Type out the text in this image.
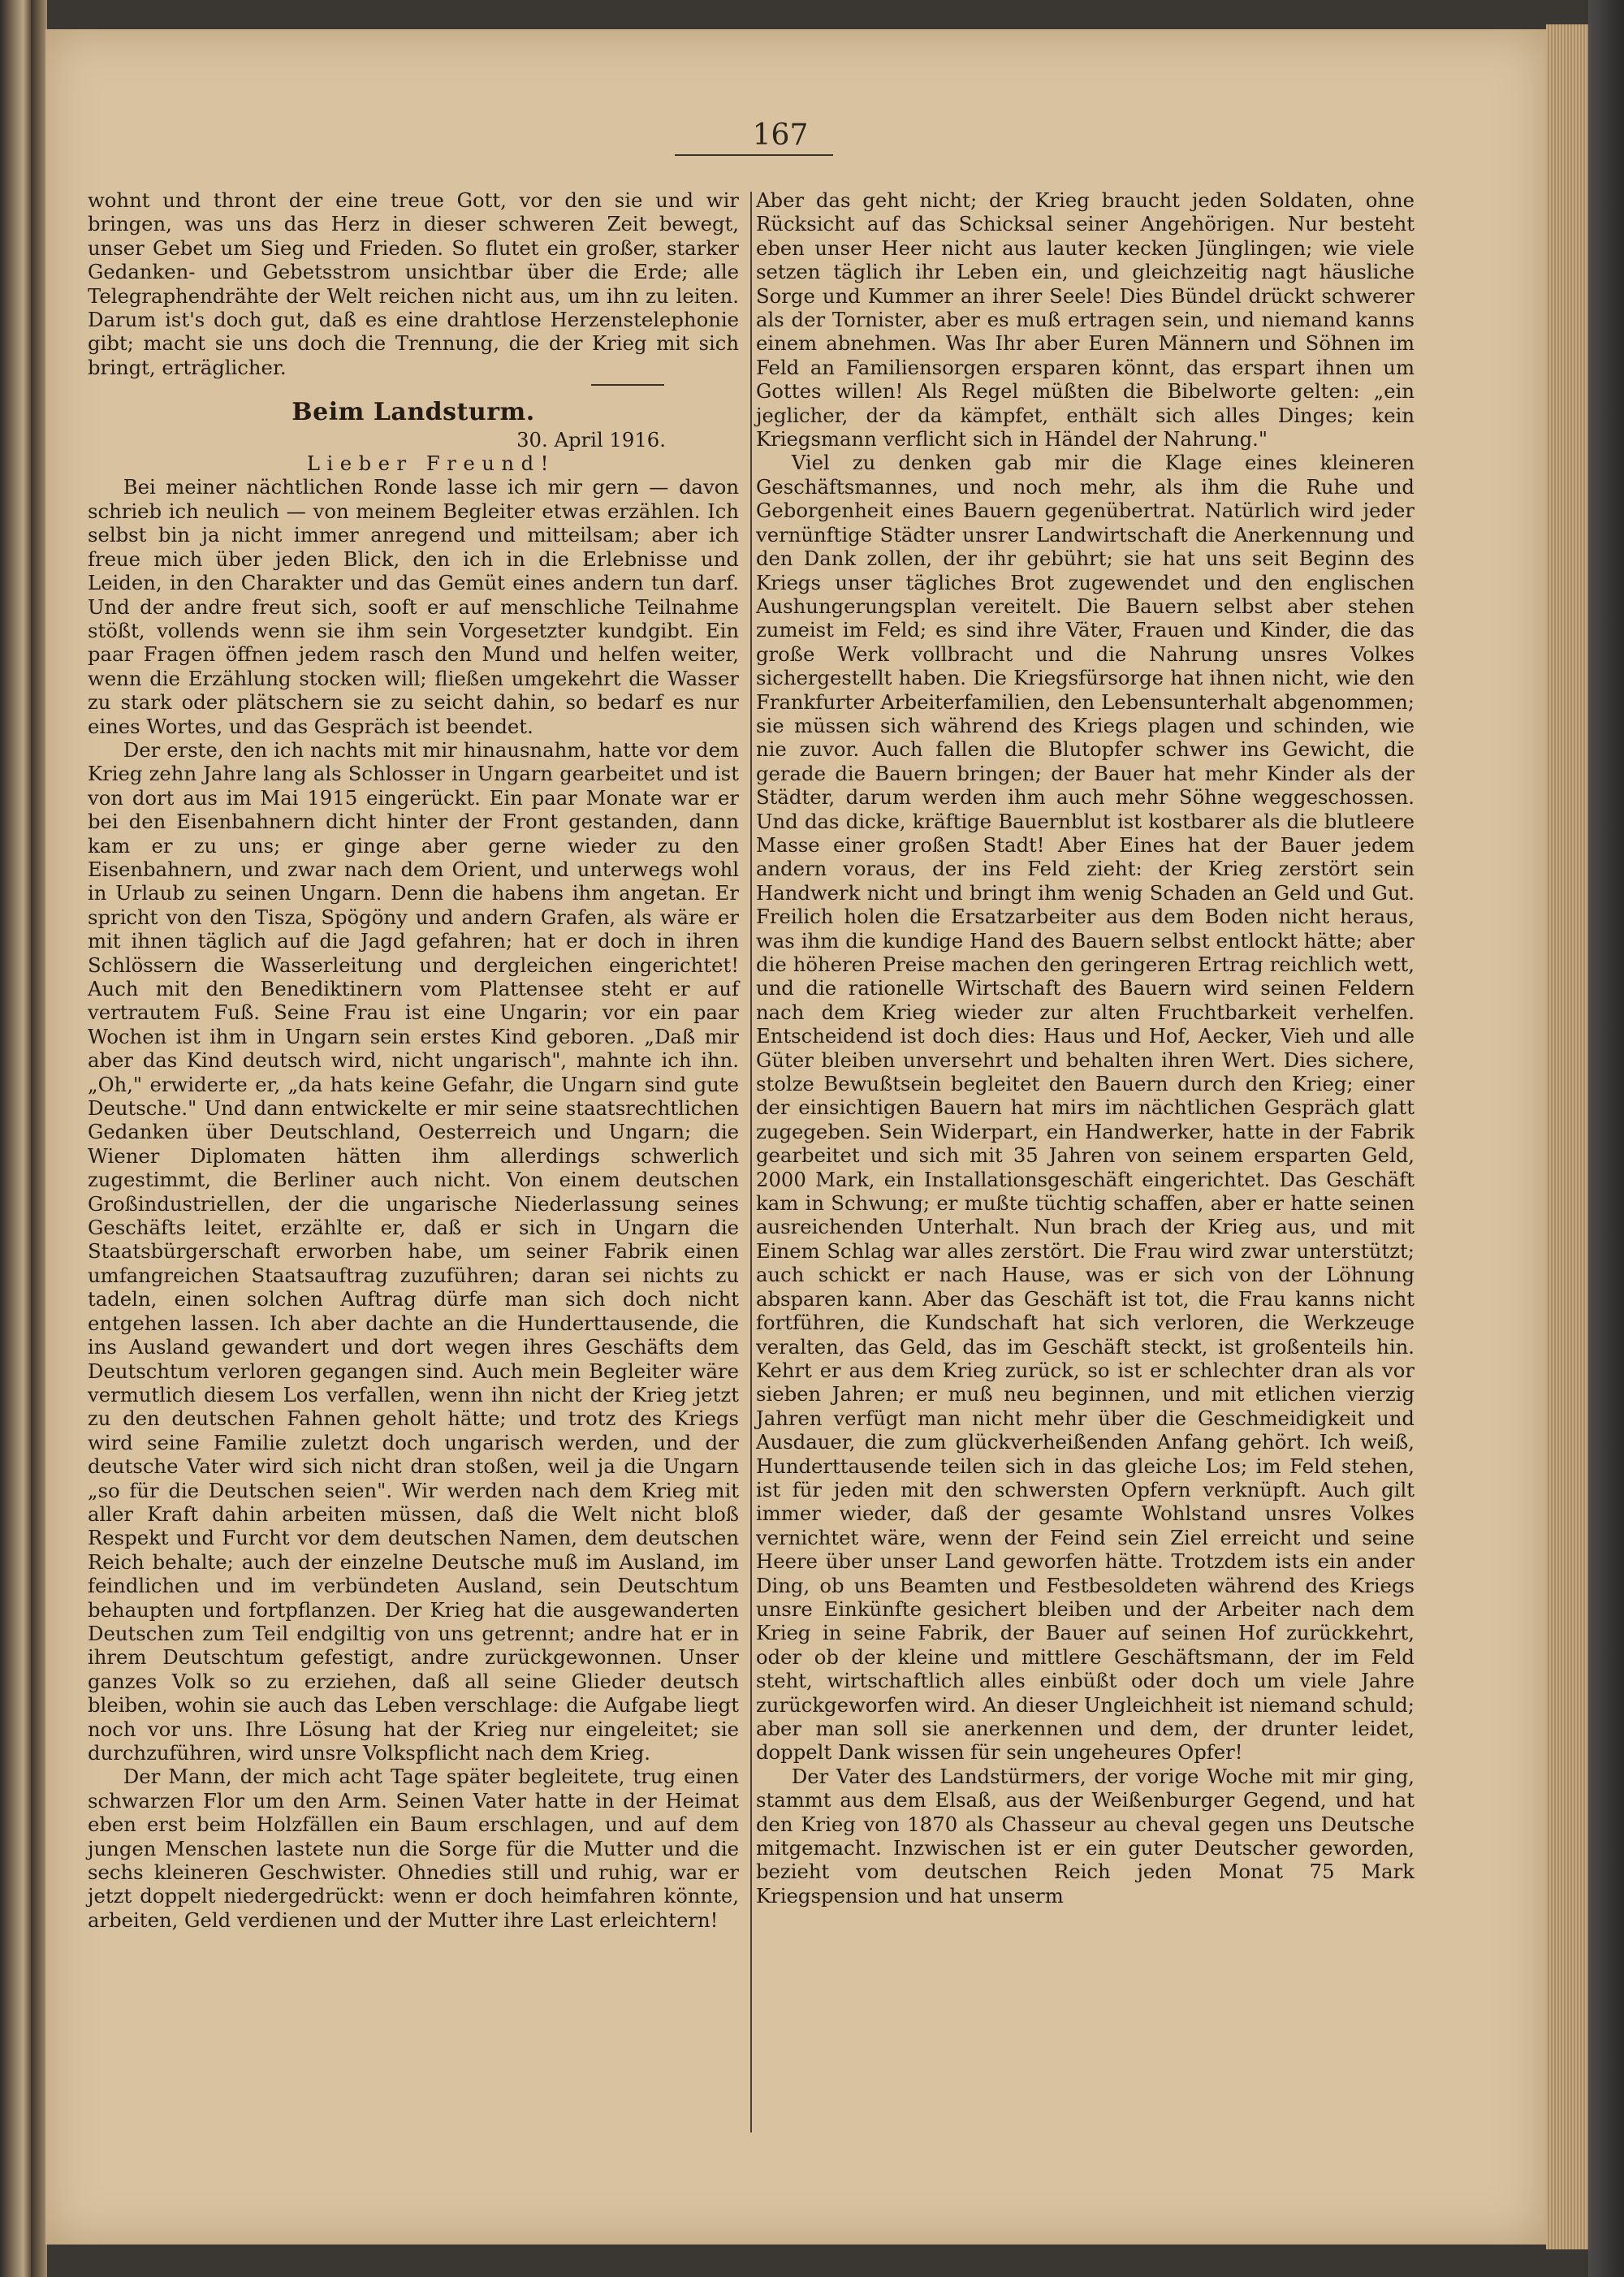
167

wohnt und thront der eine treue Gott, vor den sie und wir bringen, was uns das Herz in dieser schweren Zeit bewegt, unser Gebet um Sieg und Frieden. So flutet ein großer, starker Gedanken- und Gebetsstrom unsichtbar über die Erde; alle Telegraphendrähte der Welt reichen nicht aus, um ihn zu leiten. Darum ist's doch gut, daß es eine drahtlose Herzenstelephonie gibt; macht sie uns doch die Trennung, die der Krieg mit sich bringt, erträglicher.

Beim Landsturm.

30. April 1916.

Lieber Freund!

Bei meiner nächtlichen Ronde lasse ich mir gern — davon schrieb ich neulich — von meinem Begleiter etwas erzählen. Ich selbst bin ja nicht immer anregend und mitteilsam; aber ich freue mich über jeden Blick, den ich in die Erlebnisse und Leiden, in den Charakter und das Gemüt eines andern tun darf. Und der andre freut sich, sooft er auf menschliche Teilnahme stößt, vollends wenn sie ihm sein Vorgesetzter kundgibt. Ein paar Fragen öffnen jedem rasch den Mund und helfen weiter, wenn die Erzählung stocken will; fließen umgekehrt die Wasser zu stark oder plätschern sie zu seicht dahin, so bedarf es nur eines Wortes, und das Gespräch ist beendet.

Der erste, den ich nachts mit mir hinausnahm, hatte vor dem Krieg zehn Jahre lang als Schlosser in Ungarn gearbeitet und ist von dort aus im Mai 1915 eingerückt. Ein paar Monate war er bei den Eisenbahnern dicht hinter der Front gestanden, dann kam er zu uns; er ginge aber gerne wieder zu den Eisenbahnern, und zwar nach dem Orient, und unterwegs wohl in Urlaub zu seinen Ungarn. Denn die habens ihm angetan. Er spricht von den Tisza, Spögöny und andern Grafen, als wäre er mit ihnen täglich auf die Jagd gefahren; hat er doch in ihren Schlössern die Wasserleitung und dergleichen eingerichtet! Auch mit den Benediktinern vom Plattensee steht er auf vertrautem Fuß. Seine Frau ist eine Ungarin; vor ein paar Wochen ist ihm in Ungarn sein erstes Kind geboren. „Daß mir aber das Kind deutsch wird, nicht ungarisch", mahnte ich ihn. „Oh," erwiderte er, „da hats keine Gefahr, die Ungarn sind gute Deutsche." Und dann entwickelte er mir seine staatsrechtlichen Gedanken über Deutschland, Oesterreich und Ungarn; die Wiener Diplomaten hätten ihm allerdings schwerlich zugestimmt, die Berliner auch nicht. Von einem deutschen Großindustriellen, der die ungarische Niederlassung seines Geschäfts leitet, erzählte er, daß er sich in Ungarn die Staatsbürgerschaft erworben habe, um seiner Fabrik einen umfangreichen Staatsauftrag zuzuführen; daran sei nichts zu tadeln, einen solchen Auftrag dürfe man sich doch nicht entgehen lassen. Ich aber dachte an die Hunderttausende, die ins Ausland gewandert und dort wegen ihres Geschäfts dem Deutschtum verloren gegangen sind. Auch mein Begleiter wäre vermutlich diesem Los verfallen, wenn ihn nicht der Krieg jetzt zu den deutschen Fahnen geholt hätte; und trotz des Kriegs wird seine Familie zuletzt doch ungarisch werden, und der deutsche Vater wird sich nicht dran stoßen, weil ja die Ungarn „so für die Deutschen seien". Wir werden nach dem Krieg mit aller Kraft dahin arbeiten müssen, daß die Welt nicht bloß Respekt und Furcht vor dem deutschen Namen, dem deutschen Reich behalte; auch der einzelne Deutsche muß im Ausland, im feindlichen und im verbündeten Ausland, sein Deutschtum behaupten und fortpflanzen. Der Krieg hat die ausgewanderten Deutschen zum Teil endgiltig von uns getrennt; andre hat er in ihrem Deutschtum gefestigt, andre zurückgewonnen. Unser ganzes Volk so zu erziehen, daß all seine Glieder deutsch bleiben, wohin sie auch das Leben verschlage: die Aufgabe liegt noch vor uns. Ihre Lösung hat der Krieg nur eingeleitet; sie durchzuführen, wird unsre Volkspflicht nach dem Krieg.

Der Mann, der mich acht Tage später begleitete, trug einen schwarzen Flor um den Arm. Seinen Vater hatte in der Heimat eben erst beim Holzfällen ein Baum erschlagen, und auf dem jungen Menschen lastete nun die Sorge für die Mutter und die sechs kleineren Geschwister. Ohnedies still und ruhig, war er jetzt doppelt niedergedrückt: wenn er doch heimfahren könnte, arbeiten, Geld verdienen und der Mutter ihre Last erleichtern!

Aber das geht nicht; der Krieg braucht jeden Soldaten, ohne Rücksicht auf das Schicksal seiner Angehörigen. Nur besteht eben unser Heer nicht aus lauter kecken Jünglingen; wie viele setzen täglich ihr Leben ein, und gleichzeitig nagt häusliche Sorge und Kummer an ihrer Seele! Dies Bündel drückt schwerer als der Tornister, aber es muß ertragen sein, und niemand kanns einem abnehmen. Was Ihr aber Euren Männern und Söhnen im Feld an Familiensorgen ersparen könnt, das erspart ihnen um Gottes willen! Als Regel müßten die Bibelworte gelten: „ein jeglicher, der da kämpfet, enthält sich alles Dinges; kein Kriegsmann verflicht sich in Händel der Nahrung."

Viel zu denken gab mir die Klage eines kleineren Geschäftsmannes, und noch mehr, als ihm die Ruhe und Geborgenheit eines Bauern gegenübertrat. Natürlich wird jeder vernünftige Städter unsrer Landwirtschaft die Anerkennung und den Dank zollen, der ihr gebührt; sie hat uns seit Beginn des Kriegs unser tägliches Brot zugewendet und den englischen Aushungerungsplan vereitelt. Die Bauern selbst aber stehen zumeist im Feld; es sind ihre Väter, Frauen und Kinder, die das große Werk vollbracht und die Nahrung unsres Volkes sichergestellt haben. Die Kriegsfürsorge hat ihnen nicht, wie den Frankfurter Arbeiterfamilien, den Lebensunterhalt abgenommen; sie müssen sich während des Kriegs plagen und schinden, wie nie zuvor. Auch fallen die Blutopfer schwer ins Gewicht, die gerade die Bauern bringen; der Bauer hat mehr Kinder als der Städter, darum werden ihm auch mehr Söhne weggeschossen. Und das dicke, kräftige Bauernblut ist kostbarer als die blutleere Masse einer großen Stadt! Aber Eines hat der Bauer jedem andern voraus, der ins Feld zieht: der Krieg zerstört sein Handwerk nicht und bringt ihm wenig Schaden an Geld und Gut. Freilich holen die Ersatzarbeiter aus dem Boden nicht heraus, was ihm die kundige Hand des Bauern selbst entlockt hätte; aber die höheren Preise machen den geringeren Ertrag reichlich wett, und die rationelle Wirtschaft des Bauern wird seinen Feldern nach dem Krieg wieder zur alten Fruchtbarkeit verhelfen. Entscheidend ist doch dies: Haus und Hof, Aecker, Vieh und alle Güter bleiben unversehrt und behalten ihren Wert. Dies sichere, stolze Bewußtsein begleitet den Bauern durch den Krieg; einer der einsichtigen Bauern hat mirs im nächtlichen Gespräch glatt zugegeben. Sein Widerpart, ein Handwerker, hatte in der Fabrik gearbeitet und sich mit 35 Jahren von seinem ersparten Geld, 2000 Mark, ein Installationsgeschäft eingerichtet. Das Geschäft kam in Schwung; er mußte tüchtig schaffen, aber er hatte seinen ausreichenden Unterhalt. Nun brach der Krieg aus, und mit Einem Schlag war alles zerstört. Die Frau wird zwar unterstützt; auch schickt er nach Hause, was er sich von der Löhnung absparen kann. Aber das Geschäft ist tot, die Frau kanns nicht fortführen, die Kundschaft hat sich verloren, die Werkzeuge veralten, das Geld, das im Geschäft steckt, ist großenteils hin. Kehrt er aus dem Krieg zurück, so ist er schlechter dran als vor sieben Jahren; er muß neu beginnen, und mit etlichen vierzig Jahren verfügt man nicht mehr über die Geschmeidigkeit und Ausdauer, die zum glückverheißenden Anfang gehört. Ich weiß, Hunderttausende teilen sich in das gleiche Los; im Feld stehen, ist für jeden mit den schwersten Opfern verknüpft. Auch gilt immer wieder, daß der gesamte Wohlstand unsres Volkes vernichtet wäre, wenn der Feind sein Ziel erreicht und seine Heere über unser Land geworfen hätte. Trotzdem ists ein ander Ding, ob uns Beamten und Festbesoldeten während des Kriegs unsre Einkünfte gesichert bleiben und der Arbeiter nach dem Krieg in seine Fabrik, der Bauer auf seinen Hof zurückkehrt, oder ob der kleine und mittlere Geschäftsmann, der im Feld steht, wirtschaftlich alles einbüßt oder doch um viele Jahre zurückgeworfen wird. An dieser Ungleichheit ist niemand schuld; aber man soll sie anerkennen und dem, der drunter leidet, doppelt Dank wissen für sein ungeheures Opfer!

Der Vater des Landstürmers, der vorige Woche mit mir ging, stammt aus dem Elsaß, aus der Weißenburger Gegend, und hat den Krieg von 1870 als Chasseur au cheval gegen uns Deutsche mitgemacht. Inzwischen ist er ein guter Deutscher geworden, bezieht vom deutschen Reich jeden Monat 75 Mark Kriegspension und hat unserm
